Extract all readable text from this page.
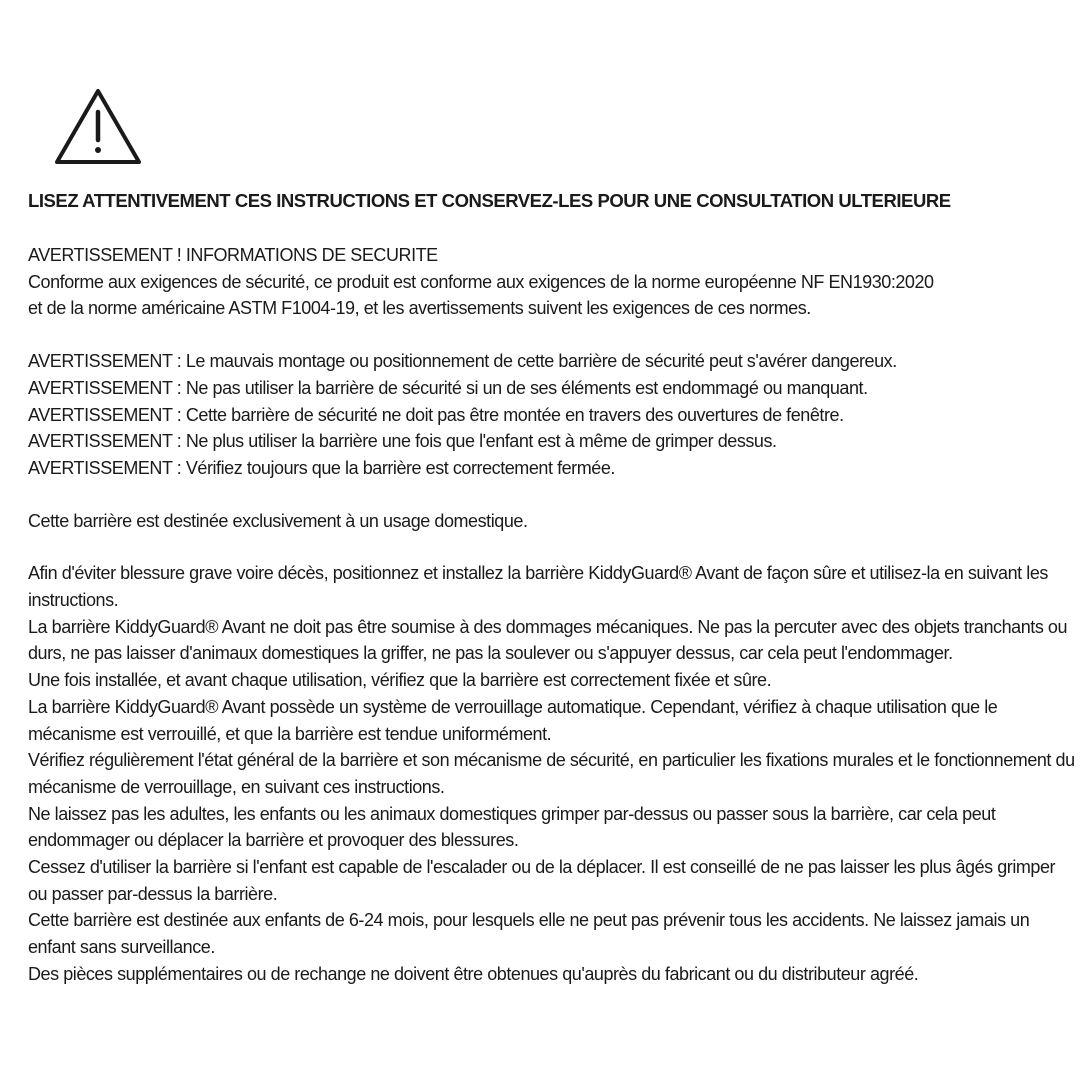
LISEZ ATTENTIVEMENT CES INSTRUCTIONS ET CONSERVEZ-LES POUR UNE CONSULTATION ULTERIEURE
AVERTISSEMENT ! INFORMATIONS DE SECURITE
Conforme aux exigences de sécurité, ce produit est conforme aux exigences de la norme européenne NF EN1930:2020
et de la norme américaine ASTM F1004-19, et les avertissements suivent les exigences de ces normes.
AVERTISSEMENT : Le mauvais montage ou positionnement de cette barrière de sécurité peut s'avérer dangereux.
AVERTISSEMENT : Ne pas utiliser la barrière de sécurité si un de ses éléments est endommagé ou manquant.
AVERTISSEMENT : Cette barrière de sécurité ne doit pas être montée en travers des ouvertures de fenêtre.
AVERTISSEMENT : Ne plus utiliser la barrière une fois que l'enfant est à même de grimper dessus.
AVERTISSEMENT : Vérifiez toujours que la barrière est correctement fermée.
Cette barrière est destinée exclusivement à un usage domestique.
Afin d'éviter blessure grave voire décès, positionnez et installez la barrière KiddyGuard® Avant de façon sûre et utilisez-la en suivant les instructions.
La barrière KiddyGuard® Avant ne doit pas être soumise à des dommages mécaniques. Ne pas la percuter avec des objets tranchants ou durs, ne pas laisser d'animaux domestiques la griffer, ne pas la soulever ou s'appuyer dessus, car cela peut l'endommager.
Une fois installée, et avant chaque utilisation, vérifiez que la barrière est correctement fixée et sûre.
La barrière KiddyGuard® Avant possède un système de verrouillage automatique. Cependant, vérifiez à chaque utilisation que le mécanisme est verrouillé, et que la barrière est tendue uniformément.
Vérifiez régulièrement l'état général de la barrière et son mécanisme de sécurité, en particulier les fixations murales et le fonctionnement du mécanisme de verrouillage, en suivant ces instructions.
Ne laissez pas les adultes, les enfants ou les animaux domestiques grimper par-dessus ou passer sous la barrière, car cela peut endommager ou déplacer la barrière et provoquer des blessures.
Cessez d'utiliser la barrière si l'enfant est capable de l'escalader ou de la déplacer. Il est conseillé de ne pas laisser les plus âgés grimper ou passer par-dessus la barrière.
Cette barrière est destinée aux enfants de 6-24 mois, pour lesquels elle ne peut pas prévenir tous les accidents. Ne laissez jamais un enfant sans surveillance.
Des pièces supplémentaires ou de rechange ne doivent être obtenues qu'auprès du fabricant ou du distributeur agréé.
